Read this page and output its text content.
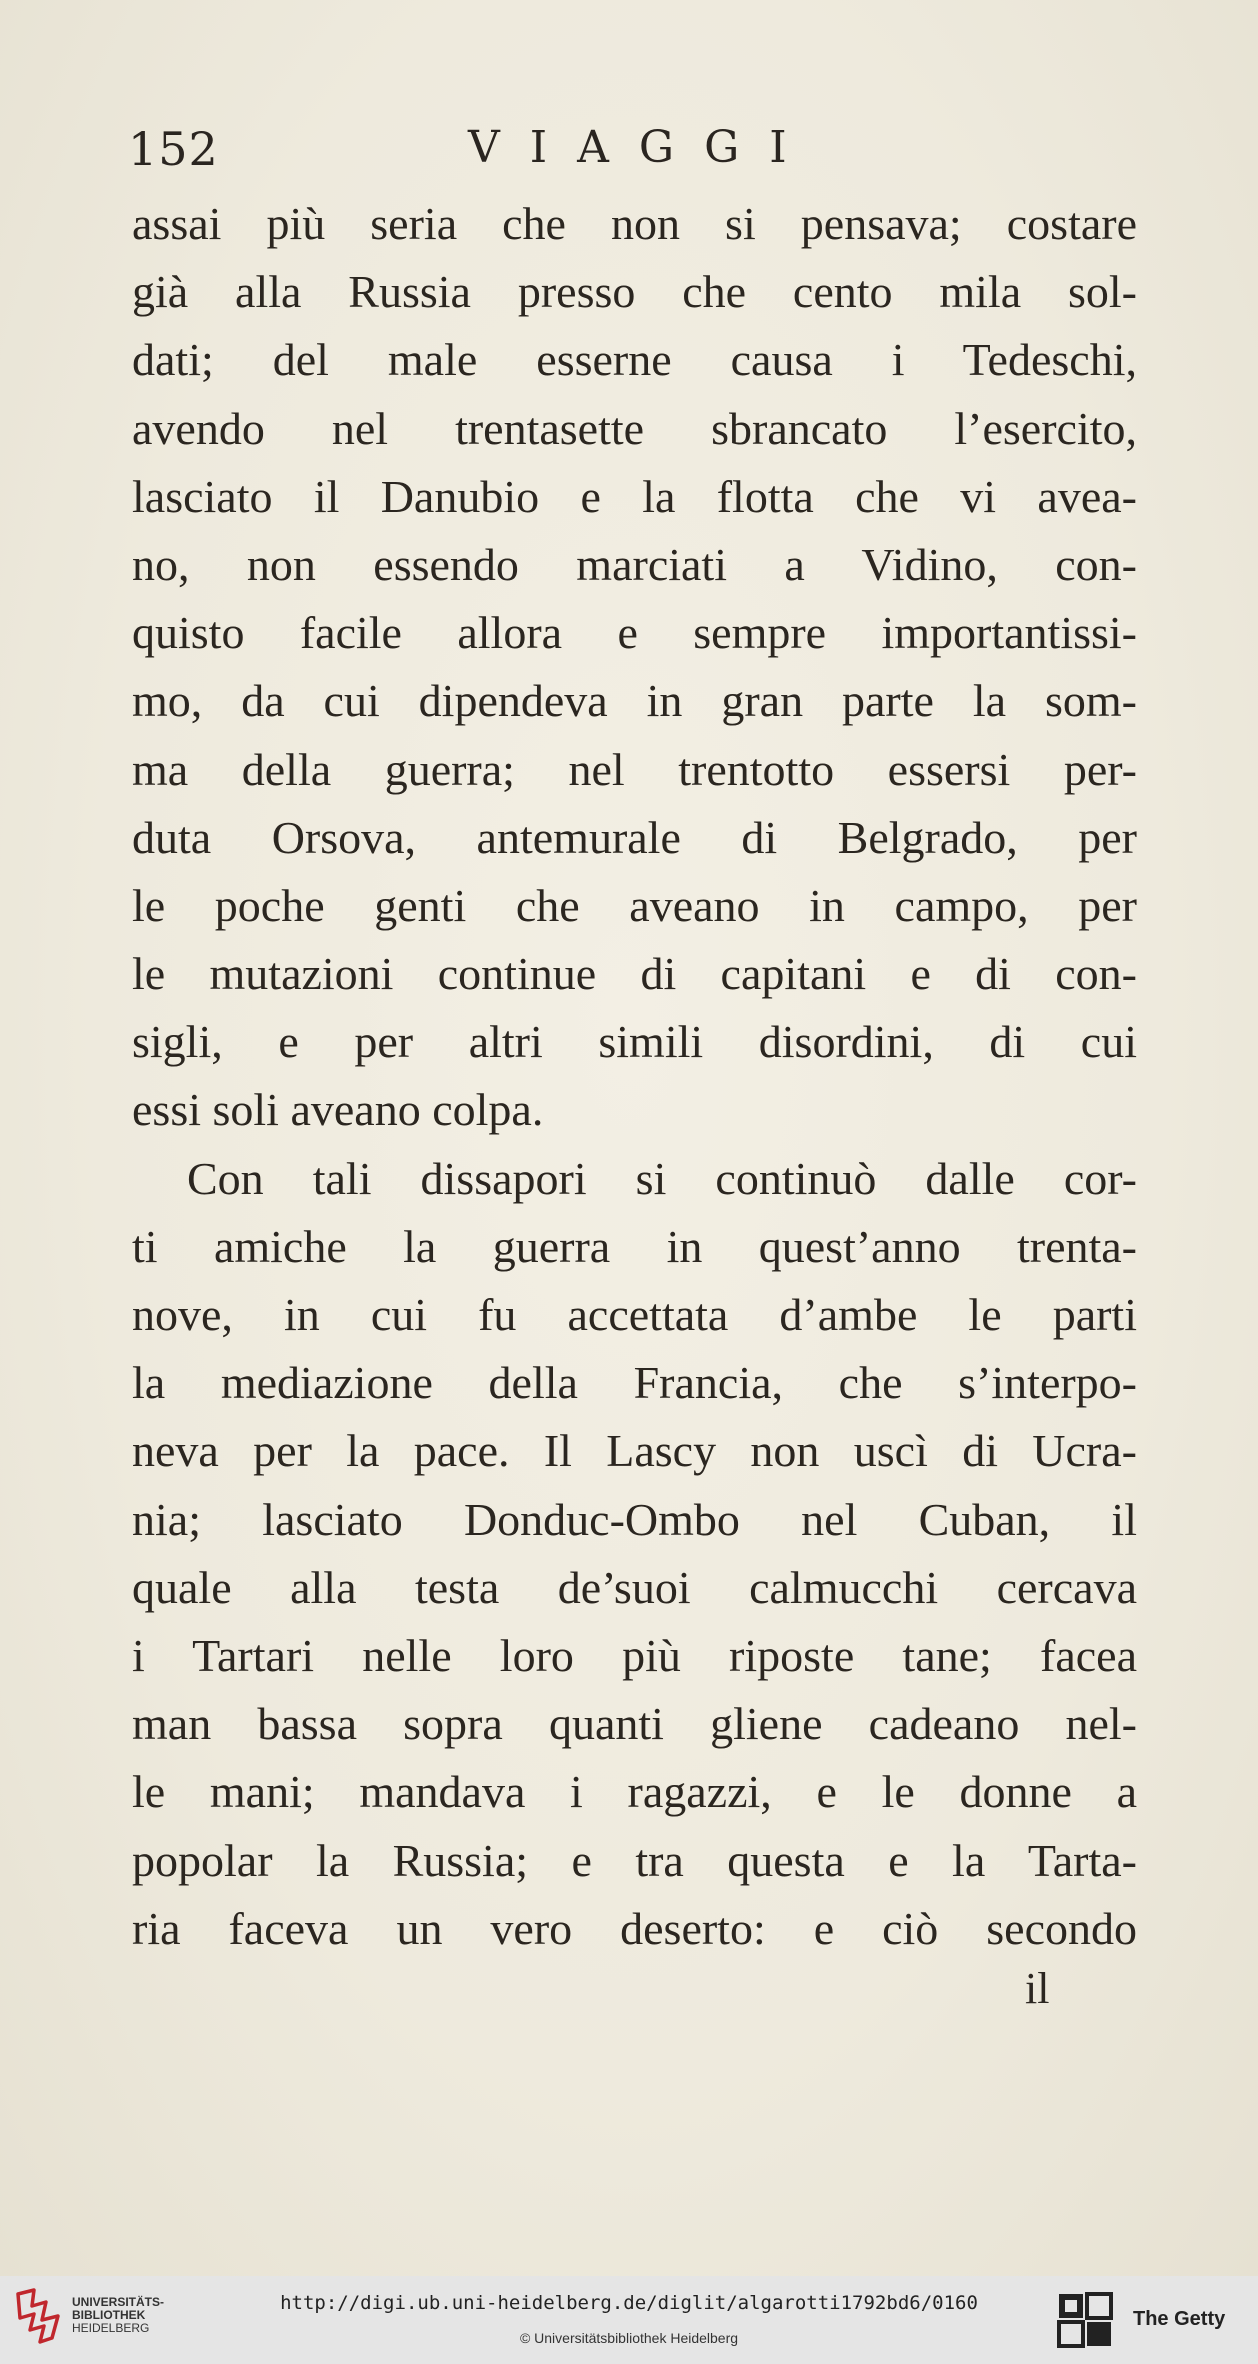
152	VIAGGI
assai più seria che non si pensava; costare
già alla Russia presso che cento mila sol-
dati; del male esserne causa i Tedeschi,
avendo nel trentasette sbrancato l’esercito,
lasciato il Danubio e la flotta che vi avea-
no, non essendo marciati a Vidino, con-
quisto facile allora e sempre importantissi-
mo, da cui dipendeva in gran parte la som-
ma della guerra; nel trentotto essersi per-
duta Orsova, antemurale di Belgrado, per
le poche genti che aveano in campo, per
le mutazioni continue di capitani e di con-
sigli, e per altri simili disordini, di cui
essi soli aveano colpa.
Con tali dissapori si continuò dalle cor-
ti amiche la guerra in quest’anno trenta-
nove, in cui fu accettata d’ambe le parti
la mediazione della Francia, che s’interpo-
neva per la pace. Il Lascy non uscì di Ucra-
nia; lasciato Donduc-Ombo nel Cuban, il
quale alla testa de’suoi calmucchi cercava
i Tartari nelle loro più riposte tane; facea
man bassa sopra quanti gliene cadeano nel-
le mani; mandava i ragazzi, e le donne a
popolar la Russia; e tra questa e la Tarta-
ria faceva un vero deserto: e ciò secondo
il
UNIVERSITÄTS-
BIBLIOTHEK
HEIDELBERG
http://digi.ub.uni-heidelberg.de/diglit/algarotti1792bd6/0160
© Universitätsbibliothek Heidelberg
The Getty
